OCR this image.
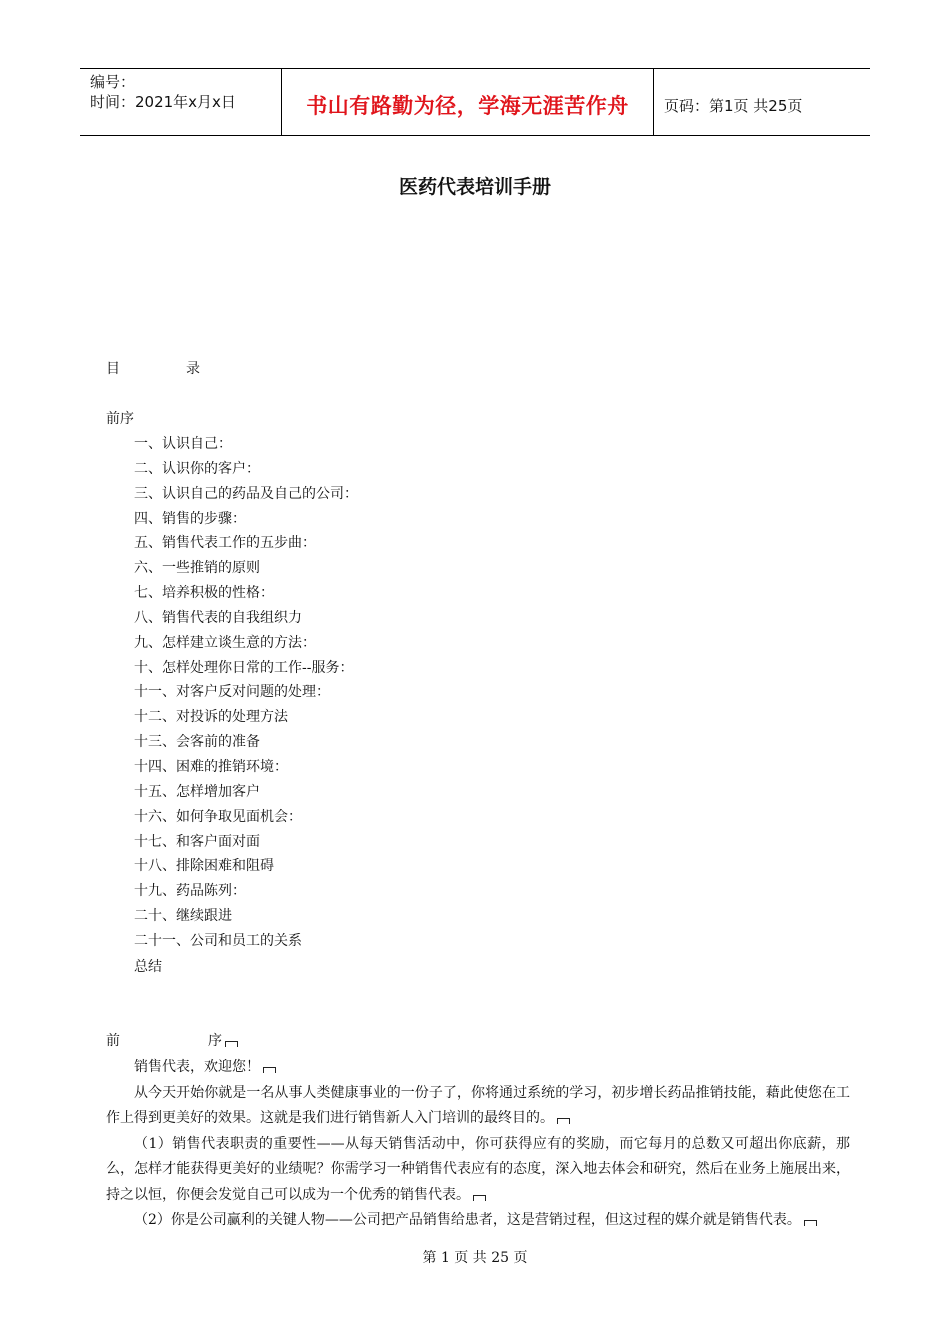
编号：
时间：2021年x月x日	书山有路勤为径，学海无涯苦作舟	页码：第1页 共25页
医药代表培训手册
目	录
前序
一、认识自己：
二、认识你的客户：
三、认识自己的药品及自己的公司：
四、销售的步骤：
五、销售代表工作的五步曲：
六、一些推销的原则
七、培养积极的性格：
八、销售代表的自我组织力
九、怎样建立谈生意的方法：
十、怎样处理你日常的工作--服务：
十一、对客户反对问题的处理：
十二、对投诉的处理方法
十三、会客前的准备
十四、困难的推销环境：
十五、怎样增加客户
十六、如何争取见面机会：
十七、和客户面对面
十八、排除困难和阻碍
十九、药品陈列：
二十、继续跟进
二十一、公司和员工的关系
总结
前	序

销售代表，欢迎您！

从今天开始你就是一名从事人类健康事业的一份子了，你将通过系统的学习，初步增长药品推销技能，藉此使您在工作上得到更美好的效果。这就是我们进行销售新人入门培训的最终目的。

（1）销售代表职责的重要性——从每天销售活动中，你可获得应有的奖励，而它每月的总数又可超出你底薪，那么，怎样才能获得更美好的业绩呢？你需学习一种销售代表应有的态度，深入地去体会和研究，然后在业务上施展出来，持之以恒，你便会发觉自己可以成为一个优秀的销售代表。

（2）你是公司赢利的关键人物——公司把产品销售给患者，这是营销过程，但这过程的媒介就是销售代表。

第 1 页 共 25 页
